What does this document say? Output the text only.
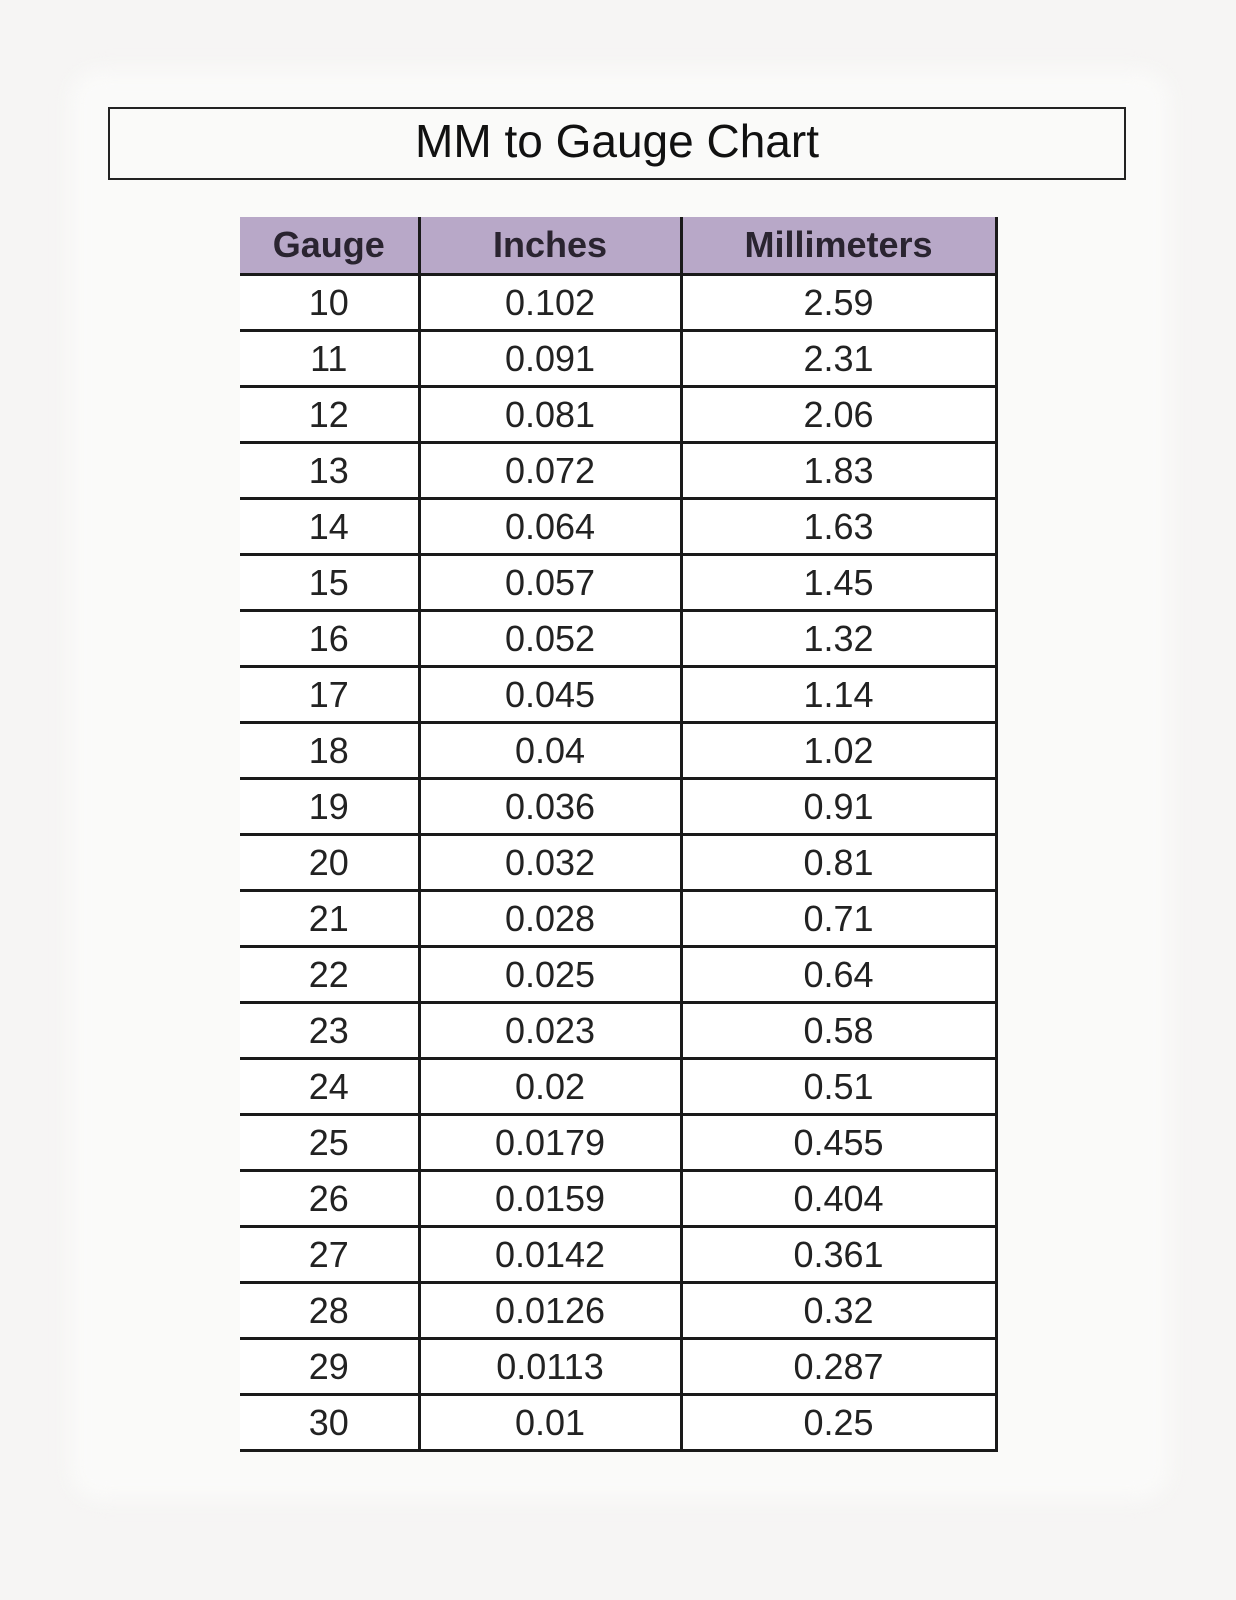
MM to Gauge Chart
Gauge	Inches	Millimeters
10	0.102	2.59
11	0.091	2.31
12	0.081	2.06
13	0.072	1.83
14	0.064	1.63
15	0.057	1.45
16	0.052	1.32
17	0.045	1.14
18	0.04	1.02
19	0.036	0.91
20	0.032	0.81
21	0.028	0.71
22	0.025	0.64
23	0.023	0.58
24	0.02	0.51
25	0.0179	0.455
26	0.0159	0.404
27	0.0142	0.361
28	0.0126	0.32
29	0.0113	0.287
30	0.01	0.25
